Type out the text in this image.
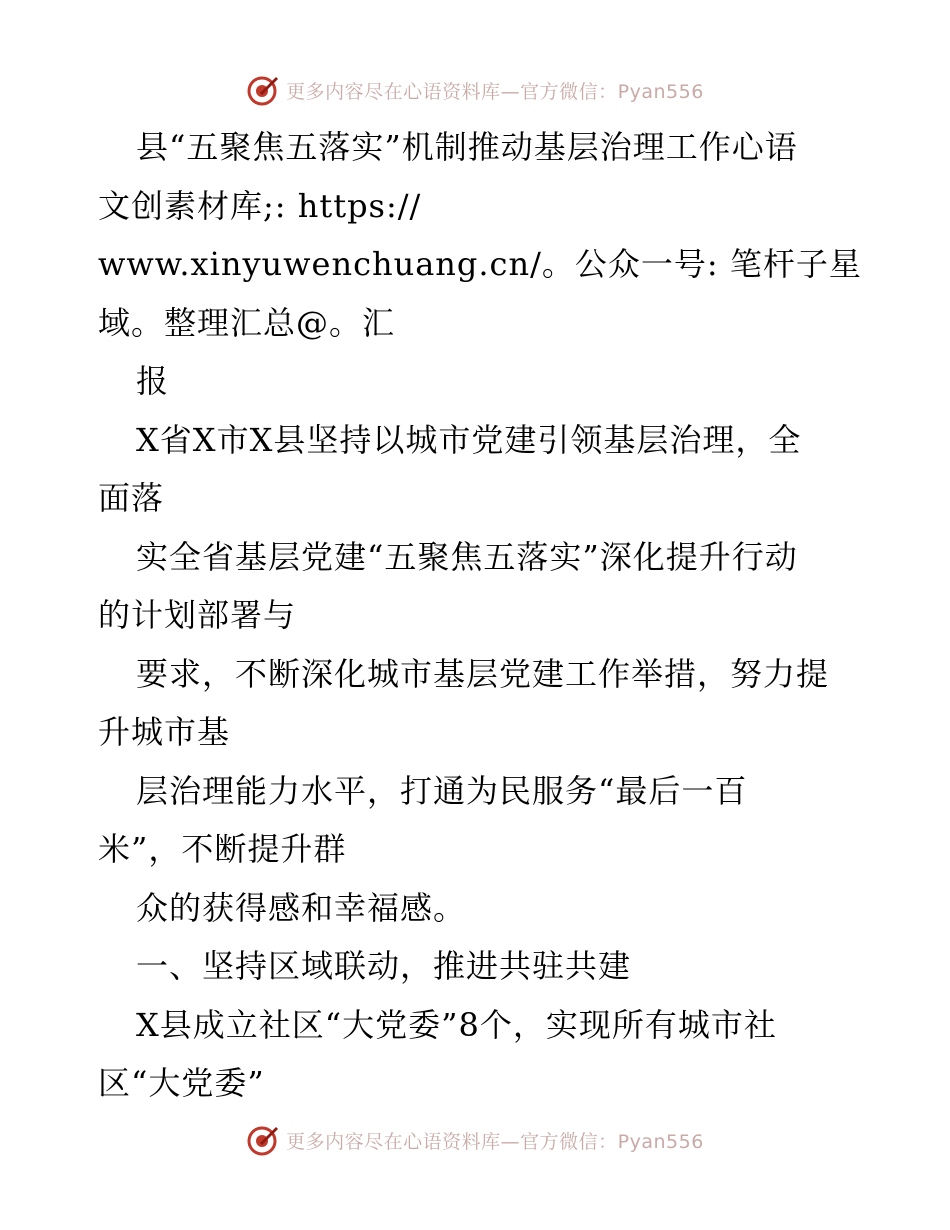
更多内容尽在心语资料库—官方微信：Pyan556
县“五聚焦五落实”机制推动基层治理工作心语
文创素材库;: https://
www.xinyuwenchuang.cn/。公众一号: 笔杆子星
域。整理汇总@。汇
报
X省X市X县坚持以城市党建引领基层治理，全
面落
实全省基层党建“五聚焦五落实”深化提升行动
的计划部署与
要求，不断深化城市基层党建工作举措，努力提
升城市基
层治理能力水平，打通为民服务“最后一百
米”，不断提升群
众的获得感和幸福感。
一、坚持区域联动，推进共驻共建
X县成立社区“大党委”8个，实现所有城市社
区“大党委”
更多内容尽在心语资料库—官方微信：Pyan556
